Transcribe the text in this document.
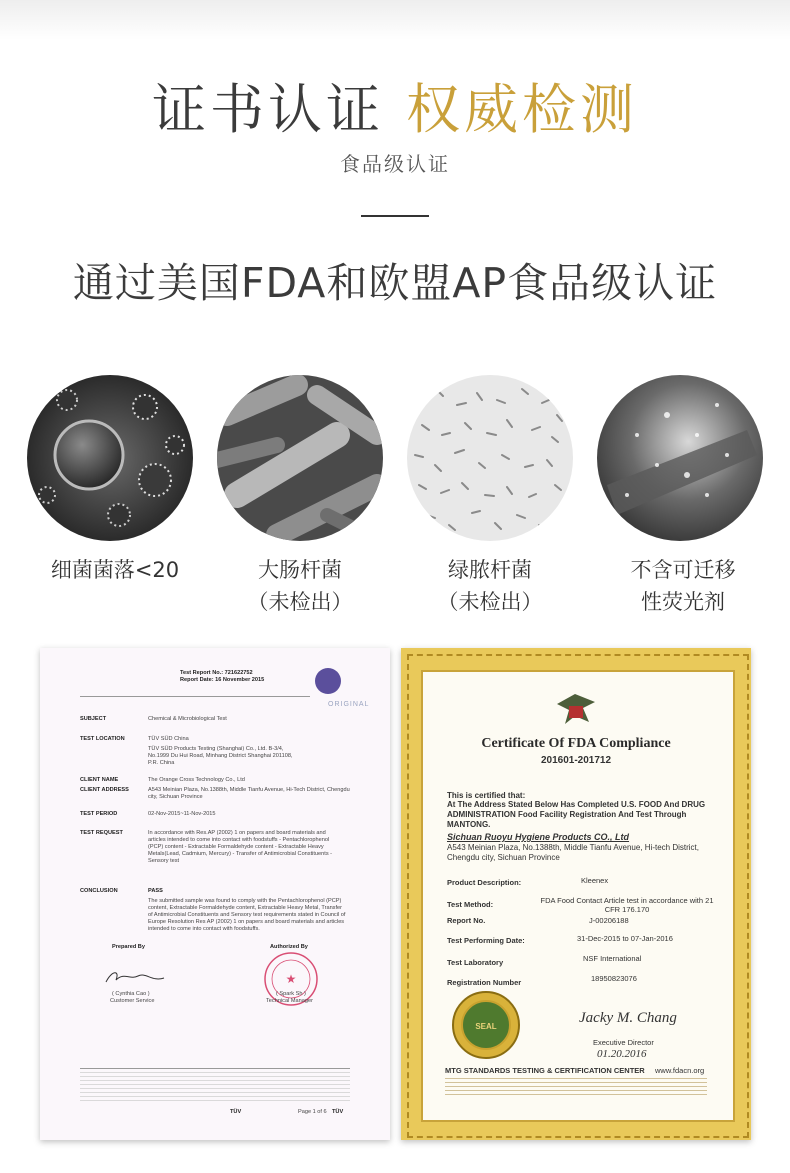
证书认证 权威检测
食品级认证
通过美国FDA和欧盟AP食品级认证
细菌菌落<20	大肠杆菌
（未检出）
绿脓杆菌
（未检出）
不含可迁移
性荧光剂
Test Report No.: 721622752
Report Date: 16 November 2015
ORIGINAL
SUBJECT	Chemical & Microbiological Test
TEST LOCATION	TÜV SÜD China
TÜV SÜD Products Testing (Shanghai) Co., Ltd. B-3/4, No.1999 Du Hui Road, Minhang District Shanghai 201108, P.R. China
CLIENT NAME	The Orange Cross Technology Co., Ltd
CLIENT ADDRESS	A543 Meinian Plaza, No.1388th, Middle Tianfu Avenue, Hi-Tech District, Chengdu city, Sichuan Province
TEST PERIOD	02-Nov-2015~11-Nov-2015
TEST REQUEST	In accordance with Res.AP (2002) 1 on papers and board materials and articles intended to come into contact with foodstuffs - Pentachlorophenol (PCP) content - Extractable Formaldehyde content - Extractable Heavy Metals(Lead, Cadmium, Mercury) - Transfer of Antimicrobial Constituents - Sensory test
CONCLUSION	PASS
The submitted sample was found to comply with the Pentachlorophenol (PCP) content, Extractable Formaldehyde content, Extractable Heavy Metal, Transfer of Antimicrobial Constituents and Sensory test requirements stated in Council of Europe Resolution Res AP (2002) 1 on papers and board materials and articles intended to come into contact with foodstuffs.
Prepared By	Authorized By
★
( Cynthia Cao )
Customer Service
( Spark Sh )
Technical Manager
TÜV	Page 1 of 6 TÜV
Certificate Of FDA Compliance
201601-201712
This is certified that:
At The Address Stated Below Has Completed U.S. FOOD And DRUG ADMINISTRATION Food Facility Registration And Test Through MANTONG.
Sichuan Ruoyu Hygiene Products CO., Ltd
A543 Meinian Plaza, No.1388th, Middle Tianfu Avenue, Hi-tech District, Chengdu city, Sichuan Province
Product Description:	Kleenex
Test Method:	FDA Food Contact Article test in accordance with 21 CFR 176.170
Report No.	J-00206188
Test Performing Date:	31-Dec-2015 to 07-Jan-2016
Test Laboratory	NSF International
Registration Number	18950823076
SEAL
Jacky M. Chang
Executive Director
01.20.2016
MTG STANDARDS TESTING & CERTIFICATION CENTER www.fdacn.org
